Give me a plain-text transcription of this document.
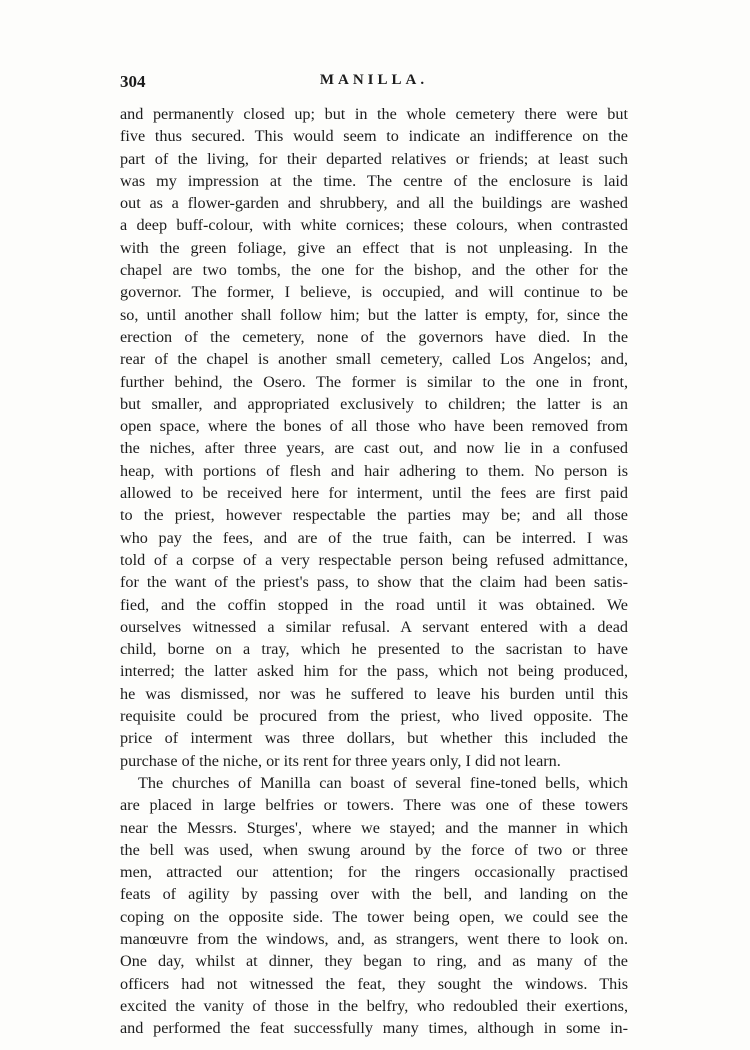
304	MANILLA.
and permanently closed up; but in the whole cemetery there were but
five thus secured. This would seem to indicate an indifference on the
part of the living, for their departed relatives or friends; at least such
was my impression at the time. The centre of the enclosure is laid
out as a flower-garden and shrubbery, and all the buildings are washed
a deep buff-colour, with white cornices; these colours, when contrasted
with the green foliage, give an effect that is not unpleasing. In the
chapel are two tombs, the one for the bishop, and the other for the
governor. The former, I believe, is occupied, and will continue to be
so, until another shall follow him; but the latter is empty, for, since the
erection of the cemetery, none of the governors have died. In the
rear of the chapel is another small cemetery, called Los Angelos; and,
further behind, the Osero. The former is similar to the one in front,
but smaller, and appropriated exclusively to children; the latter is an
open space, where the bones of all those who have been removed from
the niches, after three years, are cast out, and now lie in a confused
heap, with portions of flesh and hair adhering to them. No person is
allowed to be received here for interment, until the fees are first paid
to the priest, however respectable the parties may be; and all those
who pay the fees, and are of the true faith, can be interred. I was
told of a corpse of a very respectable person being refused admittance,
for the want of the priest's pass, to show that the claim had been satis-
fied, and the coffin stopped in the road until it was obtained. We
ourselves witnessed a similar refusal. A servant entered with a dead
child, borne on a tray, which he presented to the sacristan to have
interred; the latter asked him for the pass, which not being produced,
he was dismissed, nor was he suffered to leave his burden until this
requisite could be procured from the priest, who lived opposite. The
price of interment was three dollars, but whether this included the
purchase of the niche, or its rent for three years only, I did not learn.
The churches of Manilla can boast of several fine-toned bells, which
are placed in large belfries or towers. There was one of these towers
near the Messrs. Sturges', where we stayed; and the manner in which
the bell was used, when swung around by the force of two or three
men, attracted our attention; for the ringers occasionally practised
feats of agility by passing over with the bell, and landing on the
coping on the opposite side. The tower being open, we could see the
manœuvre from the windows, and, as strangers, went there to look on.
One day, whilst at dinner, they began to ring, and as many of the
officers had not witnessed the feat, they sought the windows. This
excited the vanity of those in the belfry, who redoubled their exertions,
and performed the feat successfully many times, although in some in-
